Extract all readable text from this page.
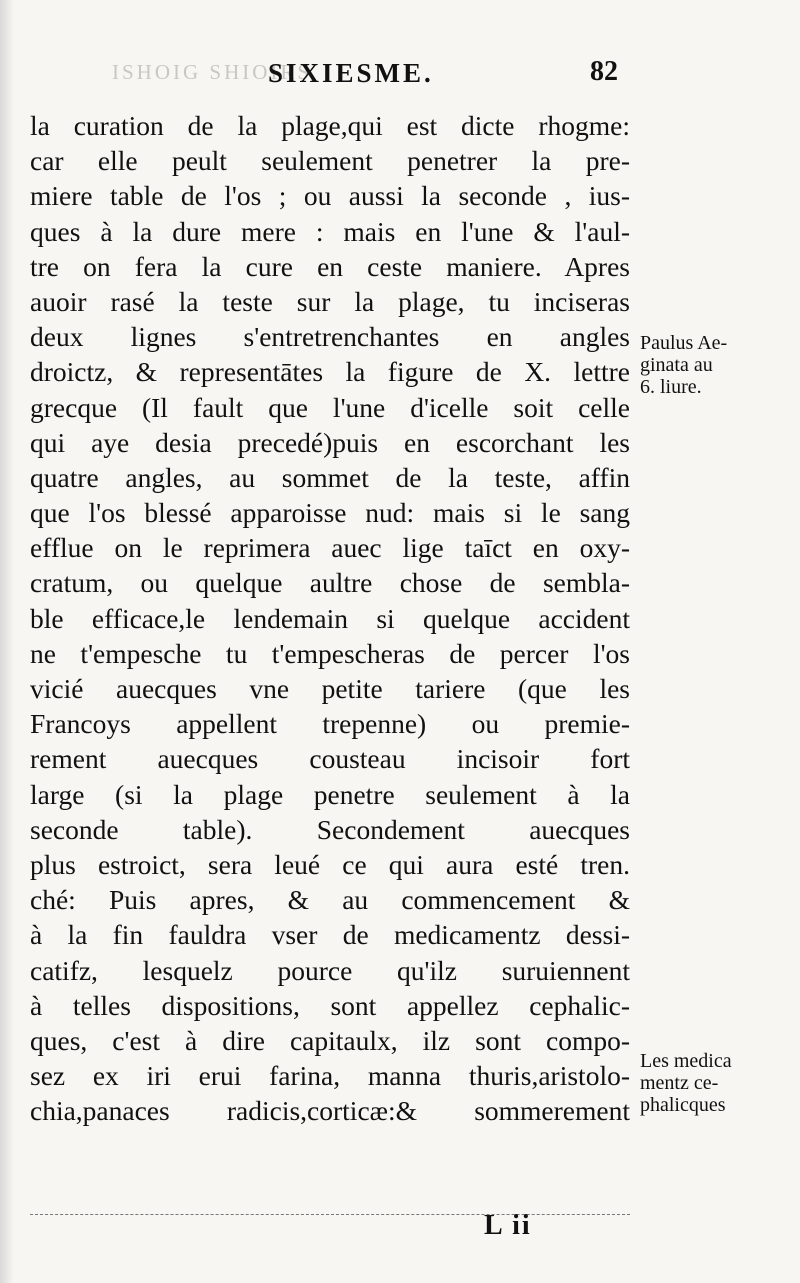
ISHOIG SHIOIRS
SIXIESME.	82
la curation de la plage,qui est dicte rhogme:
car elle peult seulement penetrer la pre-
miere table de l'os ; ou aussi la seconde , ius-
ques à la dure mere : mais en l'une & l'aul-
tre on fera la cure en ceste maniere. Apres
auoir rasé la teste sur la plage, tu inciseras
deux lignes s'entretrenchantes en angles
droictz, & representātes la figure de X. lettre
grecque (Il fault que l'une d'icelle soit celle
qui aye desia precedé)puis en escorchant les
quatre angles, au sommet de la teste, affin
que l'os blessé apparoisse nud: mais si le sang
efflue on le reprimera auec lige taīct en oxy-
cratum, ou quelque aultre chose de sembla-
ble efficace,le lendemain si quelque accident
ne t'empesche tu t'empescheras de percer l'os
vicié auecques vne petite tariere (que les
Francoys appellent trepenne) ou premie-
rement auecques cousteau incisoir fort
large (si la plage penetre seulement à la
seconde table). Secondement auecques
plus estroict, sera leué ce qui aura esté tren.
ché: Puis apres, & au commencement &
à la fin fauldra vser de medicamentz dessi-
catifz, lesquelz pource qu'ilz suruiennent
à telles dispositions, sont appellez cephalic-
ques, c'est à dire capitaulx, ilz sont compo-
sez ex iri erui farina, manna thuris,aristolo-
chia,panaces radicis,corticæ:& sommerement
Paulus Ae-
ginata au
6. liure.
Les medica
mentz ce-
phalicques
L ii
